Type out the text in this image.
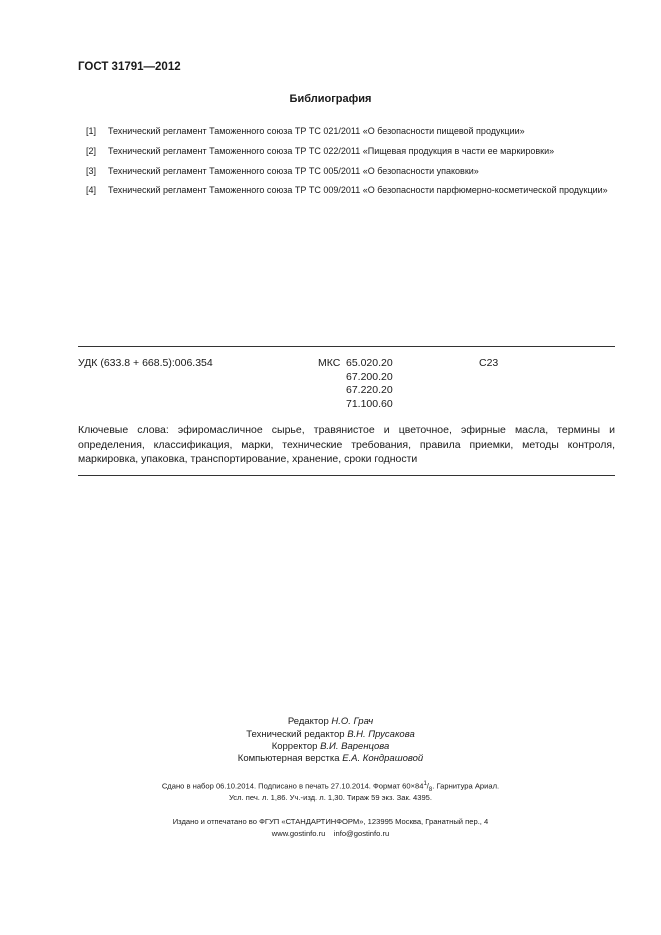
ГОСТ 31791—2012
Библиография
[1] Технический регламент Таможенного союза ТР ТС 021/2011 «О безопасности пищевой продукции»
[2] Технический регламент Таможенного союза ТР ТС 022/2011 «Пищевая продукция в части ее маркировки»
[3] Технический регламент Таможенного союза ТР ТС 005/2011 «О безопасности упаковки»
[4] Технический регламент Таможенного союза ТР ТС 009/2011 «О безопасности парфюмерно-косметической продукции»
УДК (633.8 + 668.5):006.354	МКС 65.020.20
67.200.20
67.220.20
71.100.60
С23
Ключевые слова: эфиромасличное сырье, травянистое и цветочное, эфирные масла, термины и определения, классификация, марки, технические требования, правила приемки, методы контроля, маркировка, упаковка, транспортирование, хранение, сроки годности
Редактор Н.О. Грач
Технический редактор В.Н. Прусакова
Корректор В.И. Варенцова
Компьютерная верстка Е.А. Кондрашовой
Сдано в набор 06.10.2014. Подписано в печать 27.10.2014. Формат $60\times 84^1/_8$. Гарнитура Ариал.
Усл. печ. л. 1,86. Уч.-изд. л. 1,30. Тираж 59 экз. Зак. 4395.
Издано и отпечатано во ФГУП «СТАНДАРТИНФОРМ», 123995 Москва, Гранатный пер., 4
www.gostinfo.ru    info@gostinfo.ru
